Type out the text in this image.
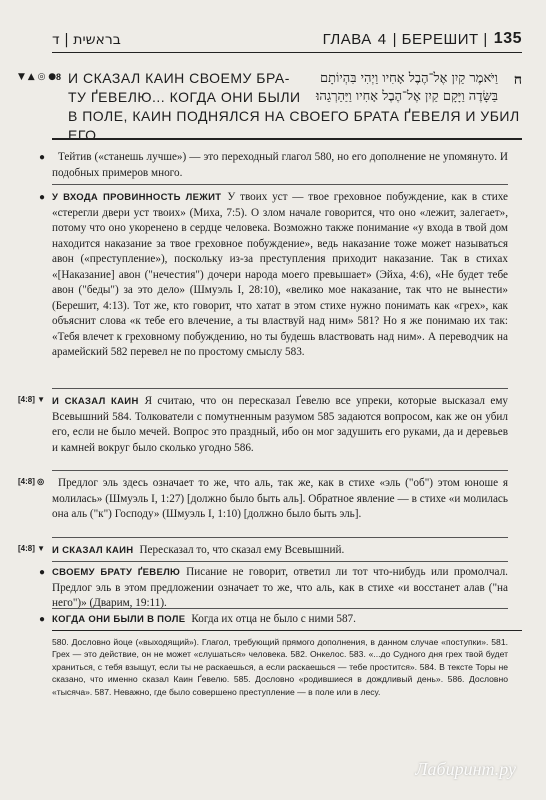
בראשית | ד	ГЛАВА 4 | БЕРЕШИТ | 135
▼ ▲ ◎ ● 8 И СКАЗАЛ КАИН СВОЕМУ БРА-ТУ ҐЕВЕЛЮ... КОГДА ОНИ БЫЛИ
В ПОЛЕ, КАИН ПОДНЯЛСЯ НА СВОЕГО БРАТА ҐЕВЕЛЯ И УБИЛ ЕГО.
וַיֹּאמֶר קַיִן אֶל־הֶבֶל אָחִיו וַיְהִי בִּהְיוֹתָם בַּשָּׂדֶה וַיָּקָם קַיִן אֶל־הֶבֶל אָחִיו וַיַּהַרְגֵהוּ׃
ח
●	Тейтив («станешь лучше») — это переходный глагол 580, но его дополнение не упомянуто. И подобных примеров много.
● У ВХОДА ПРОВИННОСТЬ ЛЕЖИТ У твоих уст — твое греховное побуждение, как в стихе «стерегли двери уст твоих» (Миха, 7:5). О злом начале говорится, что оно «лежит, залегает», потому что оно укоренено в сердце человека. Возможно также понимание «у входа в твой дом находится наказание за твое греховное побуждение», ведь наказание тоже может называться авон («преступление»), поскольку из-за преступления приходит наказание. Так в стихах «[Наказание] авон ("нечестия") дочери народа моего превышает» (Эйха, 4:6), «Не будет тебе авон ("беды") за это дело» (Шмуэль I, 28:10), «велико мое наказание, так что не вынести» (Берешит, 4:13). Тот же, кто говорит, что хатат в этом стихе нужно понимать как «грех», как объяснит слова «к тебе его влечение, а ты властвуй над ним» 581? Но я же понимаю их так: «Тебя влечет к греховному побуждению, но ты будешь властвовать над ним». А переводчик на арамейский 582 перевел не по простому смыслу 583.
[4:8] ▼ И СКАЗАЛ КАИН Я считаю, что он пересказал Ґевелю все упреки, которые высказал ему Всевышний 584. Толкователи с помутненным разумом 585 задаются вопросом, как же он убил его, если не было мечей. Вопрос это праздный, ибо он мог задушить его руками, да и деревьев и камней вокруг было сколько угодно 586.
[4:8] ◎	Предлог эль здесь означает то же, что аль, так же, как в стихе «эль ("об") этом юноше я молилась» (Шмуэль I, 1:27) [должно было быть аль]. Обратное явление — в стихе «и молилась она аль ("к") Господу» (Шмуэль I, 1:10) [должно было быть эль].
[4:8] ▼ И СКАЗАЛ КАИН Пересказал то, что сказал ему Всевышний.
● СВОЕМУ БРАТУ ҐЕВЕЛЮ Писание не говорит, ответил ли тот что-нибудь или промолчал. Предлог эль в этом предложении означает то же, что аль, как в стихе «и воcстанет алав ("на него")» (Дварим, 19:11).
● КОГДА ОНИ БЫЛИ В ПОЛЕ Когда их отца не было с ними 587.
580. Дословно йоце («выходящий»). Глагол, требующий прямого дополнения, в данном случае «поступки». 581. Грех — это действие, он не может «слушаться» человека. 582. Онкелос. 583. «...до Судного дня грех твой будет храниться, с тебя взыщут, если ты не раскаешься, а если раскаешься — тебе простится». 584. В тексте Торы не сказано, что именно сказал Каин Ґевелю. 585. Дословно «родившиеся в дождливый день». 586. Дословно «тысяча». 587. Неважно, где было совершено преступление — в поле или в лесу.
Лабиринт.ру
